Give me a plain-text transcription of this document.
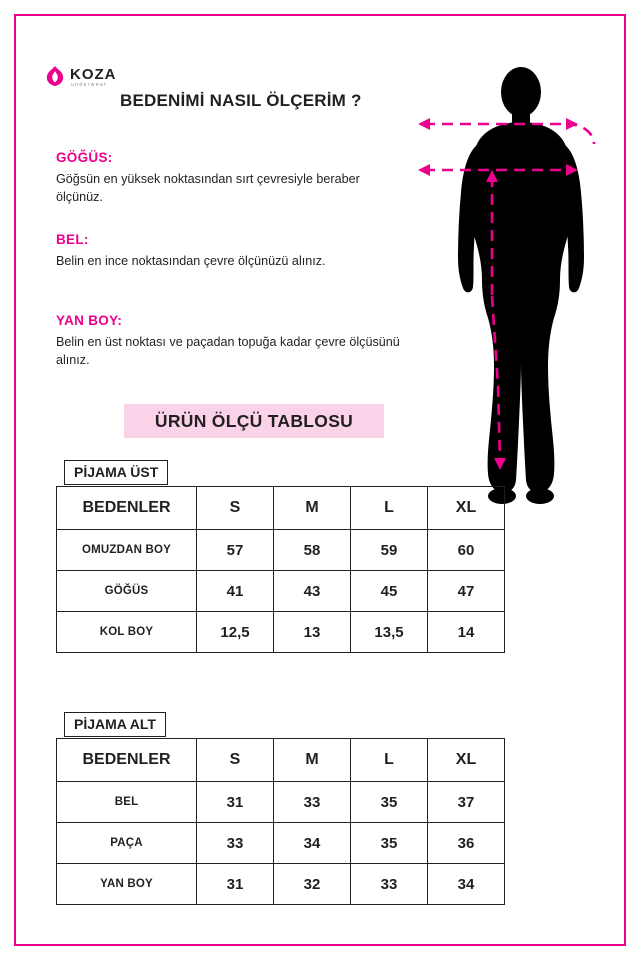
KOZA
underwear
BEDENİMİ NASIL ÖLÇERİM ?
GÖĞÜS:
Göğsün en yüksek noktasından sırt çevresiyle beraber ölçünüz.
BEL:
Belin en ince noktasından çevre ölçünüzü alınız.
YAN BOY:
Belin en üst noktası ve paçadan topuğa kadar çevre ölçüsünü alınız.
ÜRÜN ÖLÇÜ TABLOSU
PİJAMA ÜST
BEDENLER	S	M	L	XL
OMUZDAN BOY	57	58	59	60
GÖĞÜS	41	43	45	47
KOL BOY	12,5	13	13,5	14
PİJAMA ALT
BEDENLER	S	M	L	XL
BEL	31	33	35	37
PAÇA	33	34	35	36
YAN BOY	31	32	33	34
